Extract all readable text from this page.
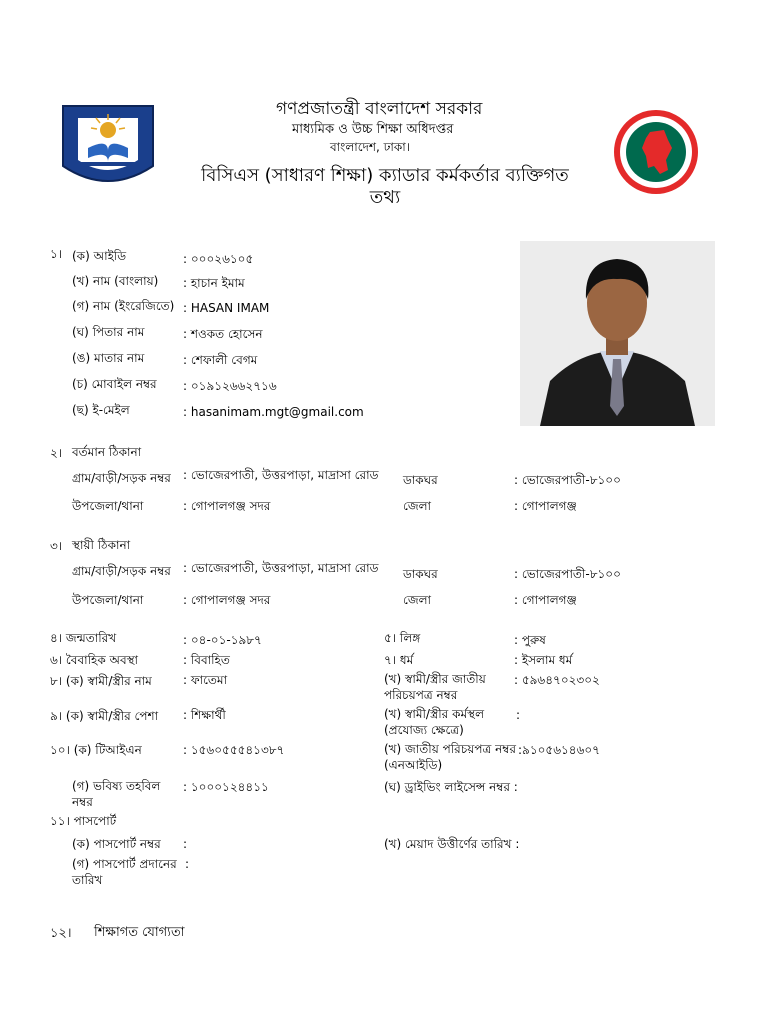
গণপ্রজাতন্ত্রী বাংলাদেশ সরকার
মাধ্যমিক ও উচ্চ শিক্ষা অধিদপ্তর
বাংলাদেশ, ঢাকা।
বিসিএস (সাধারণ শিক্ষা) ক্যাডার কর্মকর্তার ব্যক্তিগত তথ্য
১। (ক) আইডি	: ০০০২৬১০৫
(খ) নাম (বাংলায়) : হাচান ইমাম
(গ) নাম (ইংরেজিতে) : HASAN IMAM
(ঘ) পিতার নাম	: শওকত হোসেন
(ঙ) মাতার নাম	: শেফালী বেগম
(চ) মোবাইল নম্বর : ০১৯১২৬৬২৭১৬
(ছ) ই-মেইল	: hasanimam.mgt@gmail.com
২। বর্তমান ঠিকানা
গ্রাম/বাড়ী/সড়ক নম্বর : ভোজেরপাতী, উত্তরপাড়া, মাদ্রাসা রোড	ডাকঘর	: ভোজেরপাতী-৮১০০
উপজেলা/থানা	: গোপালগঞ্জ সদর	জেলা	: গোপালগঞ্জ
৩। স্থায়ী ঠিকানা
গ্রাম/বাড়ী/সড়ক নম্বর : ভোজেরপাতী, উত্তরপাড়া, মাদ্রাসা রোড	ডাকঘর	: ভোজেরপাতী-৮১০০
উপজেলা/থানা	: গোপালগঞ্জ সদর	জেলা	: গোপালগঞ্জ
৪। জন্মতারিখ	: ০৪-০১-১৯৮৭	৫। লিঙ্গ	: পুরুষ
৬। বৈবাহিক অবস্থা	: বিবাহিত	৭। ধর্ম	: ইসলাম ধর্ম
৮। (ক) স্বামী/স্ত্রীর নাম	: ফাতেমা	(খ) স্বামী/স্ত্রীর জাতীয় পরিচয়পত্র নম্বর
: ৫৯৬৪৭০২৩০২
৯। (ক) স্বামী/স্ত্রীর পেশা : শিক্ষার্থী	(খ) স্বামী/স্ত্রীর কর্মস্থল (প্রযোজ্য ক্ষেত্রে)
:
১০। (ক) টিআইএন	: ১৫৬০৫৫৫৪১৩৮৭	(খ) জাতীয় পরিচয়পত্র নম্বর (এনআইডি)
:৯১০৫৬১৪৬০৭
(গ) ভবিষ্য তহবিল নম্বর
: ১০০০১২৪৪১১	(ঘ) ড্রাইভিং লাইসেন্স নম্বর :
১১। পাসপোর্ট
(ক) পাসপোর্ট নম্বর :	(খ) মেয়াদ উত্তীর্ণের তারিখ :
(গ) পাসপোর্ট প্রদানের তারিখ
:
১২। শিক্ষাগত যোগ্যতা
